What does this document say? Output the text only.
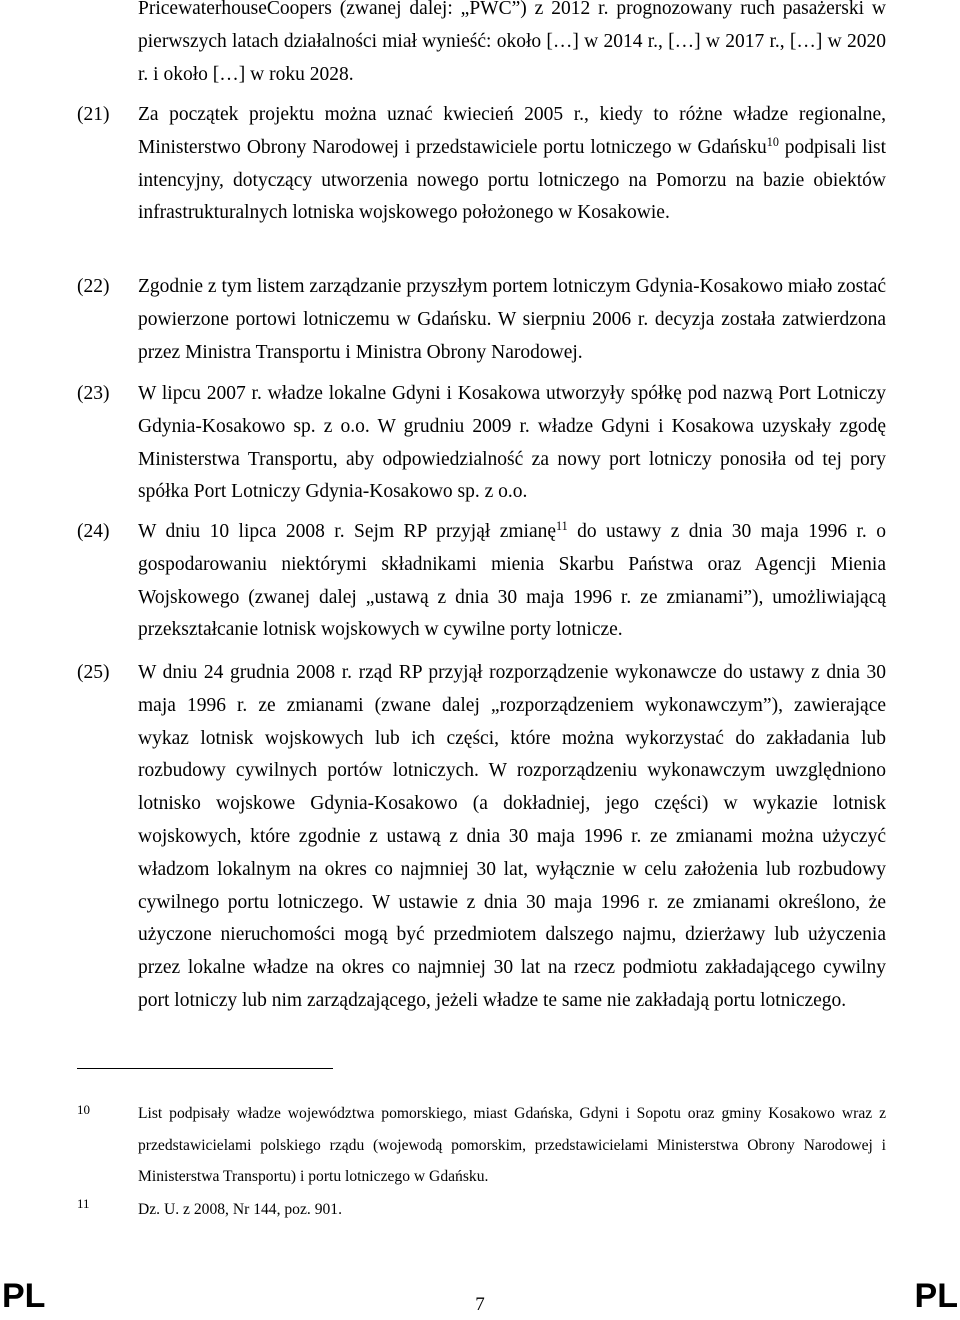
PricewaterhouseCoopers (zwanej dalej: „PWC”) z 2012 r. prognozowany ruch pasażerski w pierwszych latach działalności miał wynieść: około […] w 2014 r., […] w 2017 r., […] w 2020 r. i około […] w roku 2028.

(21) Za początek projektu można uznać kwiecień 2005 r., kiedy to różne władze regionalne, Ministerstwo Obrony Narodowej i przedstawiciele portu lotniczego w Gdańsku$^{10}$ podpisali list intencyjny, dotyczący utworzenia nowego portu lotniczego na Pomorzu na bazie obiektów infrastrukturalnych lotniska wojskowego położonego w Kosakowie.

(22) Zgodnie z tym listem zarządzanie przyszłym portem lotniczym Gdynia-Kosakowo miało zostać powierzone portowi lotniczemu w Gdańsku. W sierpniu 2006 r. decyzja została zatwierdzona przez Ministra Transportu i Ministra Obrony Narodowej.

(23) W lipcu 2007 r. władze lokalne Gdyni i Kosakowa utworzyły spółkę pod nazwą Port Lotniczy Gdynia-Kosakowo sp. z o.o. W grudniu 2009 r. władze Gdyni i Kosakowa uzyskały zgodę Ministerstwa Transportu, aby odpowiedzialność za nowy port lotniczy ponosiła od tej pory spółka Port Lotniczy Gdynia-Kosakowo sp. z o.o.

(24) W dniu 10 lipca 2008 r. Sejm RP przyjął zmianę$^{11}$ do ustawy z dnia 30 maja 1996 r. o gospodarowaniu niektórymi składnikami mienia Skarbu Państwa oraz Agencji Mienia Wojskowego (zwanej dalej „ustawą z dnia 30 maja 1996 r. ze zmianami”), umożliwiającą przekształcanie lotnisk wojskowych w cywilne porty lotnicze.

(25) W dniu 24 grudnia 2008 r. rząd RP przyjął rozporządzenie wykonawcze do ustawy z dnia 30 maja 1996 r. ze zmianami (zwane dalej „rozporządzeniem wykonawczym”), zawierające wykaz lotnisk wojskowych lub ich części, które można wykorzystać do zakładania lub rozbudowy cywilnych portów lotniczych. W rozporządzeniu wykonawczym uwzględniono lotnisko wojskowe Gdynia-Kosakowo (a dokładniej, jego części) w wykazie lotnisk wojskowych, które zgodnie z ustawą z dnia 30 maja 1996 r. ze zmianami można użyczyć władzom lokalnym na okres co najmniej 30 lat, wyłącznie w celu założenia lub rozbudowy cywilnego portu lotniczego. W ustawie z dnia 30 maja 1996 r. ze zmianami określono, że użyczone nieruchomości mogą być przedmiotem dalszego najmu, dzierżawy lub użyczenia przez lokalne władze na okres co najmniej 30 lat na rzecz podmiotu zakładającego cywilny port lotniczy lub nim zarządzającego, jeżeli władze te same nie zakładają portu lotniczego.

10	List podpisały władze województwa pomorskiego, miast Gdańska, Gdyni i Sopotu oraz gminy Kosakowo wraz z przedstawicielami polskiego rządu (wojewodą pomorskim, przedstawicielami Ministerstwa Obrony Narodowej i Ministerstwa Transportu) i portu lotniczego w Gdańsku.

11	Dz. U. z 2008, Nr 144, poz. 901.

PL	7	PL
